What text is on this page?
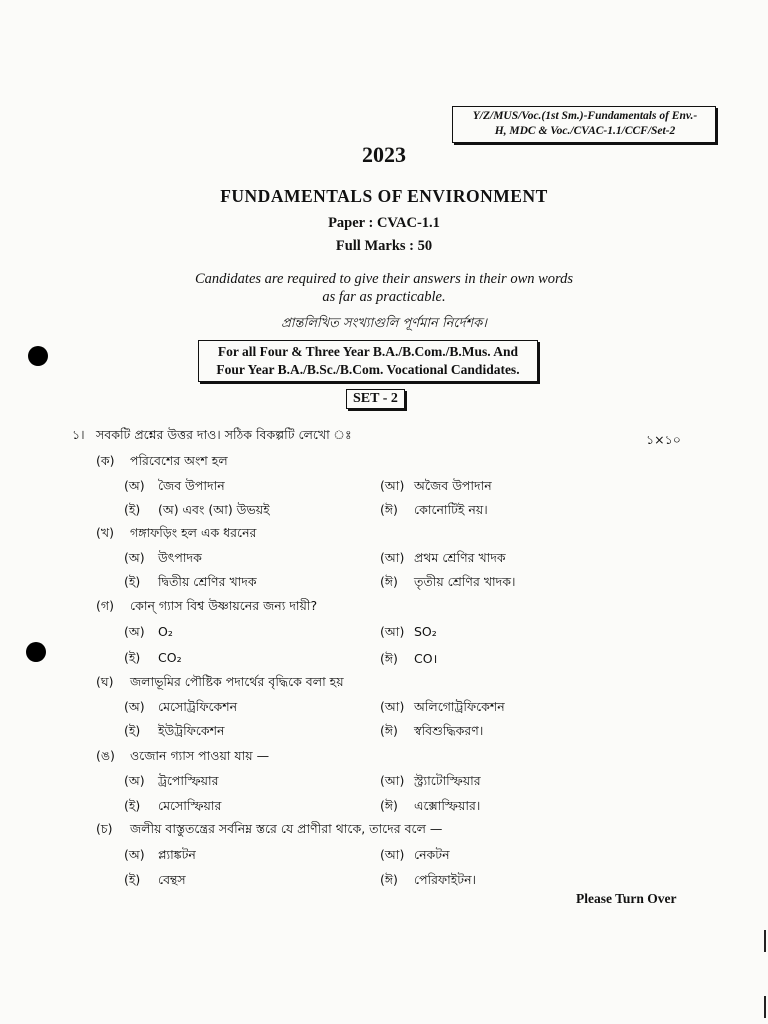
Y/Z/MUS/Voc.(1st Sm.)-Fundamentals of Env.-
H, MDC & Voc./CVAC-1.1/CCF/Set-2
2023
FUNDAMENTALS OF ENVIRONMENT
Paper : CVAC-1.1
Full Marks : 50
Candidates are required to give their answers in their own words
as far as practicable.
প্রান্তলিখিত সংখ্যাগুলি পূর্ণমান নির্দেশক।
For all Four & Three Year B.A./B.Com./B.Mus. And
Four Year B.A./B.Sc./B.Com. Vocational Candidates.
SET - 2
১। সবকটি প্রশ্নের উত্তর দাও। সঠিক বিকল্পটি লেখো ঃ	১×১০
(ক) পরিবেশের অংশ হল
(অ) জৈব উপাদান	(আ) অজৈব উপাদান
(ই) (অ) এবং (আ) উভয়ই	(ঈ) কোনোটিই নয়।
(খ) গঙ্গাফড়িং হল এক ধরনের
(অ) উৎপাদক	(আ) প্রথম শ্রেণির খাদক
(ই) দ্বিতীয় শ্রেণির খাদক	(ঈ) তৃতীয় শ্রেণির খাদক।
(গ) কোন্ গ্যাস বিশ্ব উষ্ণায়নের জন্য দায়ী?
(অ) O₂	(আ) SO₂
(ই) CO₂	(ঈ) CO।
(ঘ) জলাভূমির পৌষ্টিক পদার্থের বৃদ্ধিকে বলা হয়
(অ) মেসোট্রফিকেশন	(আ) অলিগোট্রফিকেশন
(ই) ইউট্রফিকেশন	(ঈ) স্ববিশুদ্ধিকরণ।
(ঙ) ওজোন গ্যাস পাওয়া যায় —
(অ) ট্রপোস্ফিয়ার	(আ) স্ট্র্যাটোস্ফিয়ার
(ই) মেসোস্ফিয়ার	(ঈ) এক্সোস্ফিয়ার।
(চ) জলীয় বাস্তুতন্ত্রের সর্বনিম্ন স্তরে যে প্রাণীরা থাকে, তাদের বলে —
(অ) প্ল্যাঙ্কটন	(আ) নেকটন
(ই) বেন্থস	(ঈ) পেরিফাইটন।
Please Turn Over
